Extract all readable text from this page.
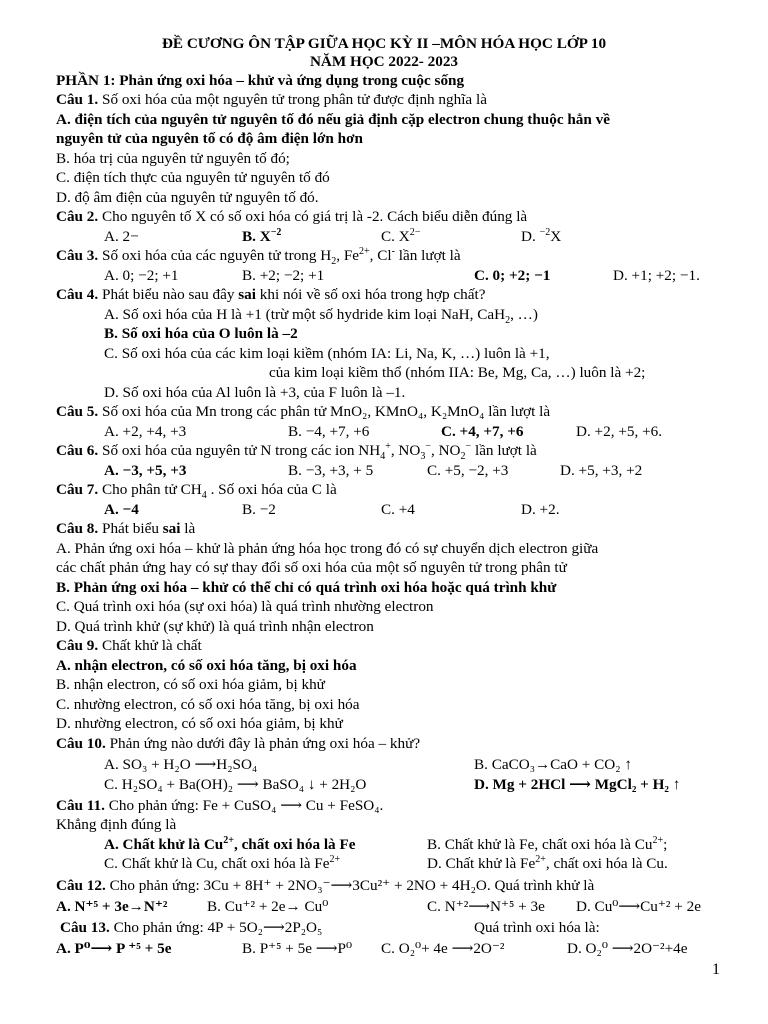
ĐỀ CƯƠNG ÔN TẬP GIỮA HỌC KỲ II –MÔN HÓA HỌC LỚP 10
NĂM HỌC 2022- 2023
PHẦN 1: Phản ứng oxi hóa – khử và ứng dụng trong cuộc sống
Câu 1. Số oxi hóa của một nguyên tử trong phân tử được định nghĩa là
A. điện tích của nguyên tử nguyên tố đó nếu giả định cặp electron chung thuộc hẳn về
nguyên tử của nguyên tố có độ âm điện lớn hơn
B. hóa trị của nguyên tử nguyên tố đó;
C. điện tích thực của nguyên tử nguyên tố đó
D. độ âm điện của nguyên tử nguyên tố đó.
Câu 2. Cho nguyên tố X có số oxi hóa có giá trị là -2. Cách biểu diễn đúng là
A. 2−	B. $X^{-2}$	C. $X^{2-}$	D. $^{-2}$X
Câu 3. Số oxi hóa của các nguyên tử trong $H_2$, $Fe^{2+}$, Cl- lần lượt là
A. 0; −2; +1	B. +2; −2; +1	C. 0; +2; −1	D. +1; +2; −1.
Câu 4. Phát biểu nào sau đây sai khi nói về số oxi hóa trong hợp chất?
A. Số oxi hóa của H là +1 (trừ một số hydride kim loại NaH, CaH$_2$, …)
B. Số oxi hóa của O luôn là –2
C. Số oxi hóa của các kim loại kiềm (nhóm IA: Li, Na, K, …) luôn là +1,
của kim loại kiềm thổ (nhóm IIA: Be, Mg, Ca, …) luôn là +2;
D. Số oxi hóa của Al luôn là +3, của F luôn là –1.
Câu 5. Số oxi hóa của Mn trong các phân tử MnO₂, KMnO₄, K₂MnO₄ lần lượt là
A. +2, +4, +3	B. −4, +7, +6	C. +4, +7, +6	D. +2, +5, +6.
Câu 6. Số oxi hóa của nguyên tử N trong các ion $NH_4^+$, $NO_3^-$, $NO_2^-$ lần lượt là
A. −3, +5, +3	B. −3, +3, + 5	C. +5, −2, +3	D. +5, +3, +2
Câu 7. Cho phân tử $CH_4$ . Số oxi hóa của C là
A. −4	B. −2	C. +4	D. +2.
Câu 8. Phát biểu sai là
A. Phản ứng oxi hóa – khử là phản ứng hóa học trong đó có sự chuyển dịch electron giữa
các chất phản ứng hay có sự thay đổi số oxi hóa của một số nguyên tử trong phân tử
B. Phản ứng oxi hóa – khử có thể chỉ có quá trình oxi hóa hoặc quá trình khử
C. Quá trình oxi hóa (sự oxi hóa) là quá trình nhường electron
D. Quá trình khử (sự khử) là quá trình nhận electron
Câu 9. Chất khử là chất
A. nhận electron, có số oxi hóa tăng, bị oxi hóa
B. nhận electron, có số oxi hóa giảm, bị khử
C. nhường electron, có số oxi hóa tăng, bị oxi hóa
D. nhường electron, có số oxi hóa giảm, bị khử
Câu 10. Phản ứng nào dưới đây là phản ứng oxi hóa – khử?
A. SO₃ + H₂O ⟶H₂SO₄	B. CaCO₃→CaO + CO₂ ↑
C. H₂SO₄ + Ba(OH)₂ ⟶ BaSO₄ ↓ + 2H₂O	D. Mg + 2HCl ⟶ MgCl₂ + H₂ ↑
Câu 11. Cho phản ứng: Fe + CuSO₄ ⟶ Cu + FeSO₄.
Khẳng định đúng là
A. Chất khử là $Cu^{2+}$, chất oxi hóa là Fe	B. Chất khử là Fe, chất oxi hóa là $Cu^{2+}$;
C. Chất khử là Cu, chất oxi hóa là $Fe^{2+}$	D. Chất khử là $Fe^{2+}$, chất oxi hóa là Cu.
Câu 12. Cho phản ứng: 3Cu + 8H⁺ + 2NO₃⁻⟶3Cu²⁺ + 2NO + 4H₂O. Quá trình khử là
A. N⁺⁵ + 3e→N⁺²	B. Cu⁺² + 2e→ Cu⁰	C. N⁺²⟶N⁺⁵ + 3e D. Cu⁰⟶Cu⁺² + 2e
Câu 13. Cho phản ứng: 4P + 5O₂⟶2P₂O₅	Quá trình oxi hóa là:
A. P⁰⟶ P ⁺⁵ + 5e	B. P⁺⁵ + 5e ⟶P⁰ C. O₂⁰+ 4e ⟶2O⁻²	D. O₂⁰ ⟶2O⁻²+4e
1
